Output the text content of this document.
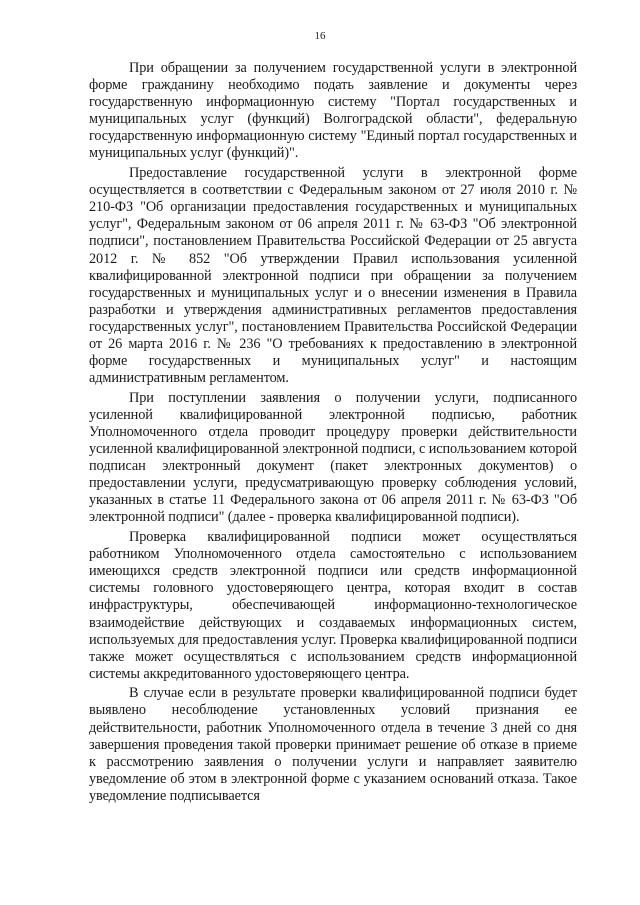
16

При обращении за получением государственной услуги в электронной форме гражданину необходимо подать заявление и документы через государственную информационную систему "Портал государственных и муниципальных услуг (функций) Волгоградской области", федеральную государственную информационную систему "Единый портал государственных и муниципальных услуг (функций)".

Предоставление государственной услуги в электронной форме осуществляется в соответствии с Федеральным законом от 27 июля 2010 г. № 210-ФЗ "Об организации предоставления государственных и муниципальных услуг", Федеральным законом от 06 апреля 2011 г. № 63-ФЗ "Об электронной подписи", постановлением Правительства Российской Федерации от 25 августа 2012 г. № 852 "Об утверждении Правил использования усиленной квалифицированной электронной подписи при обращении за получением государственных и муниципальных услуг и о внесении изменения в Правила разработки и утверждения административных регламентов предоставления государственных услуг", постановлением Правительства Российской Федерации от 26 марта 2016 г. № 236 "О требованиях к предоставлению в электронной форме государственных и муниципальных услуг" и настоящим административным регламентом.

При поступлении заявления о получении услуги, подписанного усиленной квалифицированной электронной подписью, работник Уполномоченного отдела проводит процедуру проверки действительности усиленной квалифицированной электронной подписи, с использованием которой подписан электронный документ (пакет электронных документов) о предоставлении услуги, предусматривающую проверку соблюдения условий, указанных в статье 11 Федерального закона от 06 апреля 2011 г. № 63-ФЗ "Об электронной подписи" (далее - проверка квалифицированной подписи).

Проверка квалифицированной подписи может осуществляться работником Уполномоченного отдела самостоятельно с использованием имеющихся средств электронной подписи или средств информационной системы головного удостоверяющего центра, которая входит в состав инфраструктуры, обеспечивающей информационно-технологическое взаимодействие действующих и создаваемых информационных систем, используемых для предоставления услуг. Проверка квалифицированной подписи также может осуществляться с использованием средств информационной системы аккредитованного удостоверяющего центра.

В случае если в результате проверки квалифицированной подписи будет выявлено несоблюдение установленных условий признания ее действительности, работник Уполномоченного отдела в течение 3 дней со дня завершения проведения такой проверки принимает решение об отказе в приеме к рассмотрению заявления о получении услуги и направляет заявителю уведомление об этом в электронной форме с указанием оснований отказа. Такое уведомление подписывается
